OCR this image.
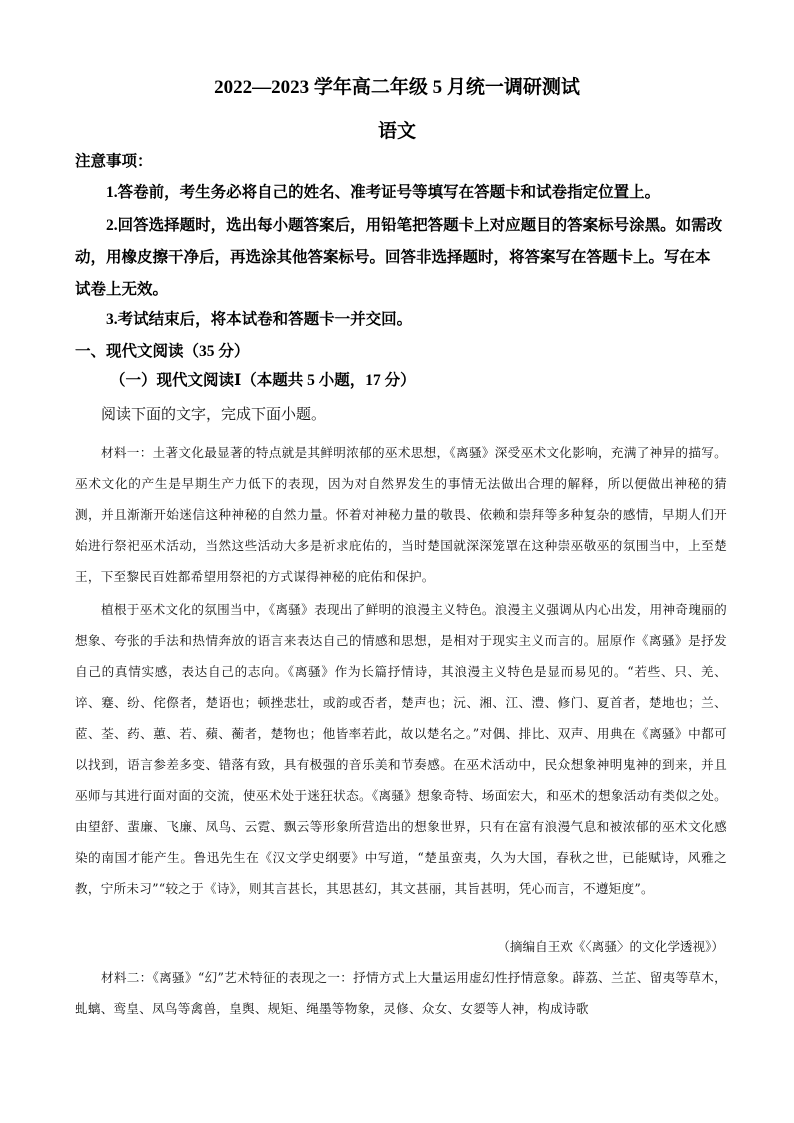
2022—2023 学年高二年级 5 月统一调研测试
语文
注意事项：
1.答卷前，考生务必将自己的姓名、准考证号等填写在答题卡和试卷指定位置上。
2.回答选择题时，选出每小题答案后，用铅笔把答题卡上对应题目的答案标号涂黑。如需改动，用橡皮擦干净后，再选涂其他答案标号。回答非选择题时，将答案写在答题卡上。写在本试卷上无效。
3.考试结束后，将本试卷和答题卡一并交回。
一、现代文阅读（35 分）
（一）现代文阅读Ⅰ（本题共 5 小题，17 分）
阅读下面的文字，完成下面小题。
材料一：土著文化最显著的特点就是其鲜明浓郁的巫术思想，《离骚》深受巫术文化影响，充满了神异的描写。巫术文化的产生是早期生产力低下的表现，因为对自然界发生的事情无法做出合理的解释，所以便做出神秘的猜测，并且渐渐开始迷信这种神秘的自然力量。怀着对神秘力量的敬畏、依赖和崇拜等多种复杂的感情，早期人们开始进行祭祀巫术活动，当然这些活动大多是祈求庇佑的，当时楚国就深深笼罩在这种崇巫敬巫的氛围当中，上至楚王，下至黎民百姓都希望用祭祀的方式谋得神秘的庇佑和保护。
植根于巫术文化的氛围当中，《离骚》表现出了鲜明的浪漫主义特色。浪漫主义强调从内心出发，用神奇瑰丽的想象、夸张的手法和热情奔放的语言来表达自己的情感和思想，是相对于现实主义而言的。屈原作《离骚》是抒发自己的真情实感，表达自己的志向。《离骚》作为长篇抒情诗，其浪漫主义特色是显而易见的。“若些、只、羌、谇、蹇、纷、侘傺者，楚语也；顿挫悲壮，或韵或否者，楚声也；沅、湘、江、澧、修门、夏首者，楚地也；兰、茝、荃、药、蕙、若、蘋、蘅者，楚物也；他皆率若此，故以楚名之。”对偶、排比、双声、用典在《离骚》中都可以找到，语言参差多变、错落有致，具有极强的音乐美和节奏感。在巫术活动中，民众想象神明鬼神的到来，并且巫师与其进行面对面的交流，使巫术处于迷狂状态。《离骚》想象奇特、场面宏大，和巫术的想象活动有类似之处。由望舒、蜚廉、飞廉、凤鸟、云霓、飘云等形象所营造出的想象世界，只有在富有浪漫气息和被浓郁的巫术文化感染的南国才能产生。鲁迅先生在《汉文学史纲要》中写道，“楚虽蛮夷，久为大国，春秋之世，已能赋诗，风雅之教，宁所未习”“较之于《诗》，则其言甚长，其思甚幻，其文甚丽，其旨甚明，凭心而言，不遵矩度”。
（摘编自王欢《〈离骚〉的文化学透视》）
材料二：《离骚》“幻”艺术特征的表现之一：抒情方式上大量运用虚幻性抒情意象。薜荔、兰芷、留夷等草木，虬螭、鸾皇、凤鸟等禽兽，皇舆、规矩、绳墨等物象，灵修、众女、女媭等人神，构成诗歌
